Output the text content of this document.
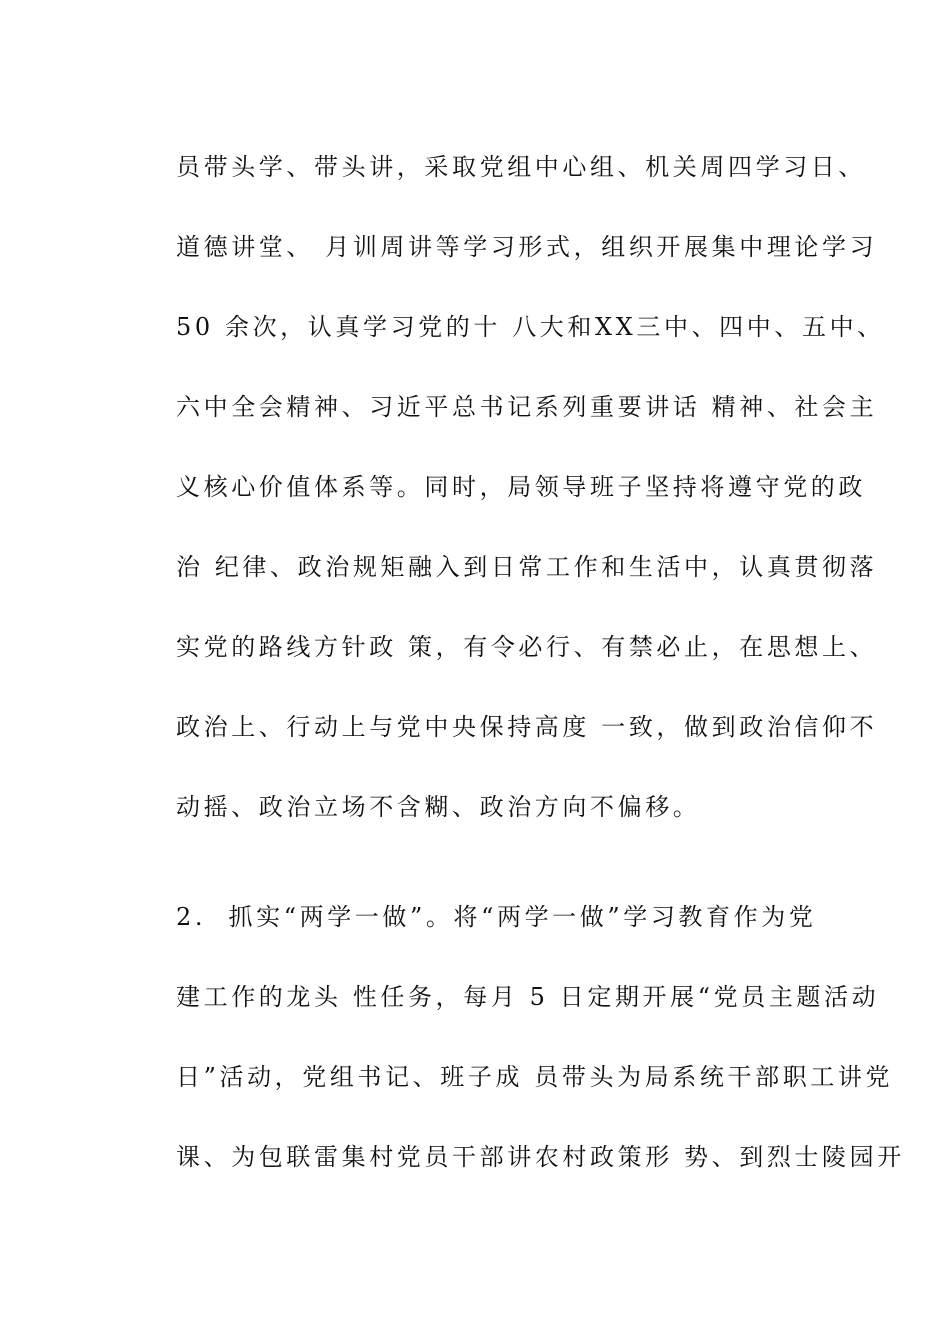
员带头学、带头讲，采取党组中心组、机关周四学习日、
道德讲堂、 月训周讲等学习形式，组织开展集中理论学习
50 余次，认真学习党的十 八大和XX三中、四中、五中、
六中全会精神、习近平总书记系列重要讲话 精神、社会主
义核心价值体系等。同时，局领导班子坚持将遵守党的政
治 纪律、政治规矩融入到日常工作和生活中，认真贯彻落
实党的路线方针政 策，有令必行、有禁必止，在思想上、
政治上、行动上与党中央保持高度 一致，做到政治信仰不
动摇、政治立场不含糊、政治方向不偏移。
2.  抓实“两学一做”。将“两学一做”学习教育作为党
建工作的龙头 性任务，每月 5 日定期开展“党员主题活动
日”活动，党组书记、班子成 员带头为局系统干部职工讲党
课、为包联雷集村党员干部讲农村政策形 势、到烈士陵园开
